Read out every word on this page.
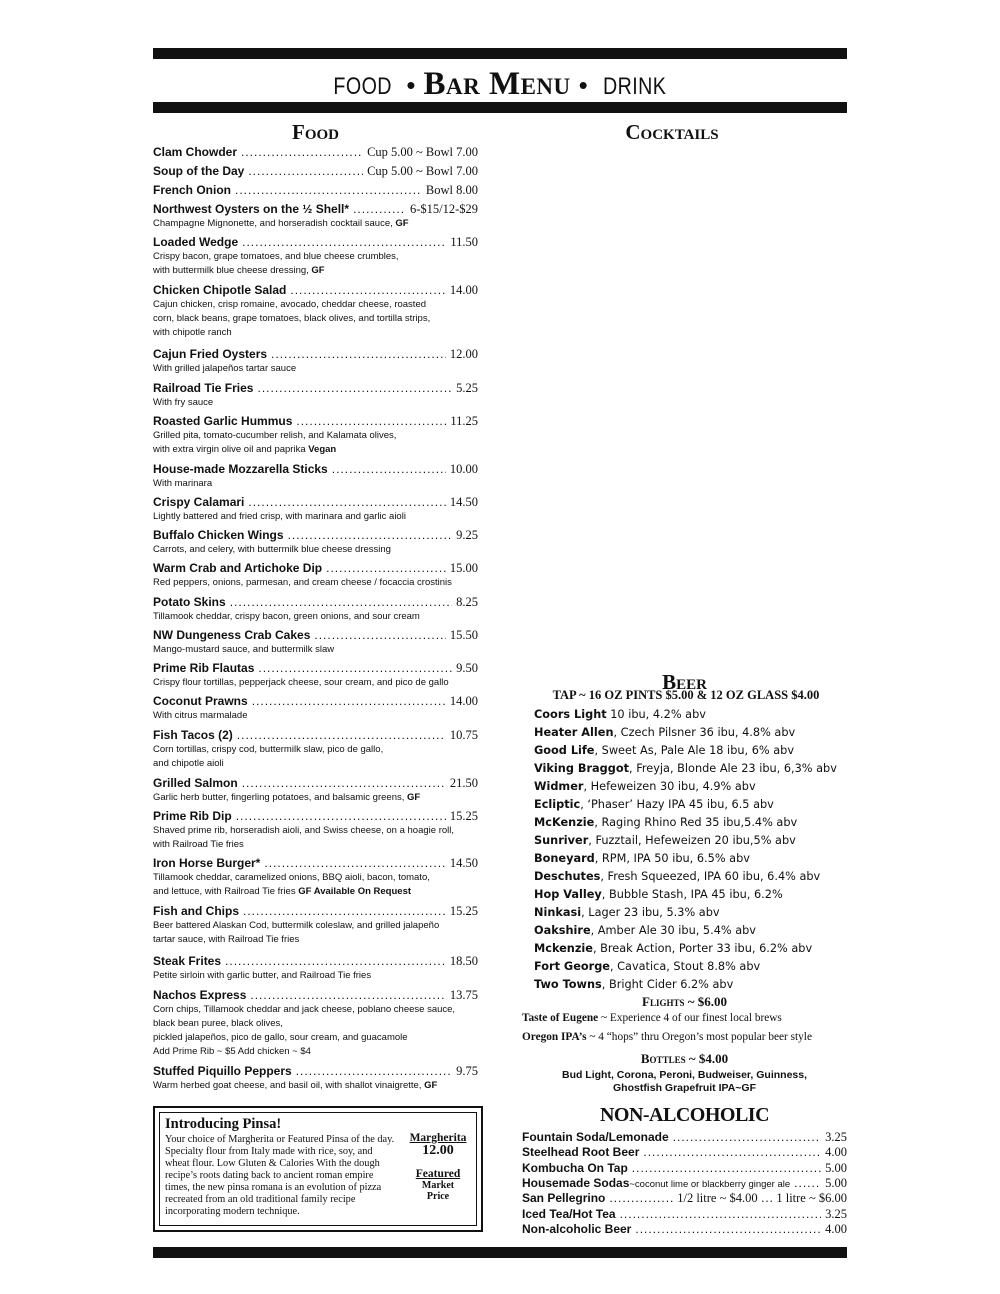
FOOD • Bar Menu • DRINK
Food	Cocktails
Clam Chowder .....	Cup 5.00 ~ Bowl 7.00
Soup of the Day .....	Cup 5.00 ~ Bowl 7.00
French Onion .....	Bowl 8.00
Northwest Oysters on the ½ Shell* .....	6-$15/12-$29
Champagne Mignonette, and horseradish cocktail sauce, GF
Loaded Wedge .....	11.50
Crispy bacon, grape tomatoes, and blue cheese crumbles,
with buttermilk blue cheese dressing, GF
Chicken Chipotle Salad .....	14.00
Cajun chicken, crisp romaine, avocado, cheddar cheese, roasted
corn, black beans, grape tomatoes, black olives, and tortilla strips,
with chipotle ranch
Cajun Fried Oysters .....	12.00
With grilled jalapeños tartar sauce
Railroad Tie Fries .....	5.25
With fry sauce
Roasted Garlic Hummus .....	11.25
Grilled pita, tomato-cucumber relish, and Kalamata olives,
with extra virgin olive oil and paprika Vegan
House-made Mozzarella Sticks .....	10.00
With marinara
Crispy Calamari .....	14.50
Lightly battered and fried crisp, with marinara and garlic aioli
Buffalo Chicken Wings .....	9.25
Carrots, and celery, with buttermilk blue cheese dressing
Warm Crab and Artichoke Dip .....	15.00
Red peppers, onions, parmesan, and cream cheese / focaccia crostinis
Potato Skins .....	8.25
Tillamook cheddar, crispy bacon, green onions, and sour cream
NW Dungeness Crab Cakes .....	15.50
Mango-mustard sauce, and buttermilk slaw
Prime Rib Flautas .....	9.50
Crispy flour tortillas, pepperjack cheese, sour cream, and pico de gallo
Coconut Prawns .....	14.00
With citrus marmalade
Fish Tacos (2) .....	10.75
Corn tortillas, crispy cod, buttermilk slaw, pico de gallo,
and chipotle aioli
Grilled Salmon .....	21.50
Garlic herb butter, fingerling potatoes, and balsamic greens, GF
Prime Rib Dip .....	15.25
Shaved prime rib, horseradish aioli, and Swiss cheese, on a hoagie roll,
with Railroad Tie fries
Iron Horse Burger* .....	14.50
Tillamook cheddar, caramelized onions, BBQ aioli, bacon, tomato,
and lettuce, with Railroad Tie fries GF Available On Request
Fish and Chips .....	15.25
Beer battered Alaskan Cod, buttermilk coleslaw, and grilled jalapeño
tartar sauce, with Railroad Tie fries
Steak Frites .....	18.50
Petite sirloin with garlic butter, and Railroad Tie fries
Nachos Express .....	13.75
Corn chips, Tillamook cheddar and jack cheese, poblano cheese sauce,
black bean puree, black olives,
pickled jalapeños, pico de gallo, sour cream, and guacamole
Add Prime Rib ~ $5 Add chicken ~ $4
Stuffed Piquillo Peppers .....	9.75
Warm herbed goat cheese, and basil oil, with shallot vinaigrette, GF
Beer
TAP ~ 16 OZ PINTS $5.00 & 12 OZ GLASS $4.00
Coors Light 10 ibu, 4.2% abv
Heater Allen, Czech Pilsner 36 ibu, 4.8% abv
Good Life, Sweet As, Pale Ale 18 ibu, 6% abv
Viking Braggot, Freyja, Blonde Ale 23 ibu, 6,3% abv
Widmer, Hefeweizen 30 ibu, 4.9% abv
Ecliptic, ‘Phaser’ Hazy IPA 45 ibu, 6.5 abv
McKenzie, Raging Rhino Red 35 ibu,5.4% abv
Sunriver, Fuzztail, Hefeweizen 20 ibu,5% abv
Boneyard, RPM, IPA 50 ibu, 6.5% abv
Deschutes, Fresh Squeezed, IPA 60 ibu, 6.4% abv
Hop Valley, Bubble Stash, IPA 45 ibu, 6.2%
Ninkasi, Lager 23 ibu, 5.3% abv
Oakshire, Amber Ale 30 ibu, 5.4% abv
Mckenzie, Break Action, Porter 33 ibu, 6.2% abv
Fort George, Cavatica, Stout 8.8% abv
Two Towns, Bright Cider 6.2% abv
Flights ~ $6.00
Taste of Eugene ~ Experience 4 of our finest local brews
Oregon IPA’s ~ 4 “hops” thru Oregon’s most popular beer style
Bottles ~ $4.00
Bud Light, Corona, Peroni, Budweiser, Guinness,
Ghostfish Grapefruit IPA~GF
NON-ALCOHOLIC
Fountain Soda/Lemonade .....	3.25
Steelhead Root Beer .....	4.00
Kombucha On Tap .....	5.00
Housemade Sodas ~coconut lime or blackberry ginger ale .....	5.00
San Pellegrino .....	1/2 litre ~ $4.00 … 1 litre ~ $6.00
Iced Tea/Hot Tea .....	3.25
Non-alcoholic Beer .....	4.00
Introducing Pinsa!
Your choice of Margherita or Featured Pinsa of the day. Specialty flour from Italy made with rice, soy, and wheat flour. Low Gluten & Calories With the dough recipe’s roots dating back to ancient roman empire times, the new pinsa romana is an evolution of pizza recreated from an old traditional family recipe incorporating modern technique.
Margherita
12.00
Featured
Market Price
